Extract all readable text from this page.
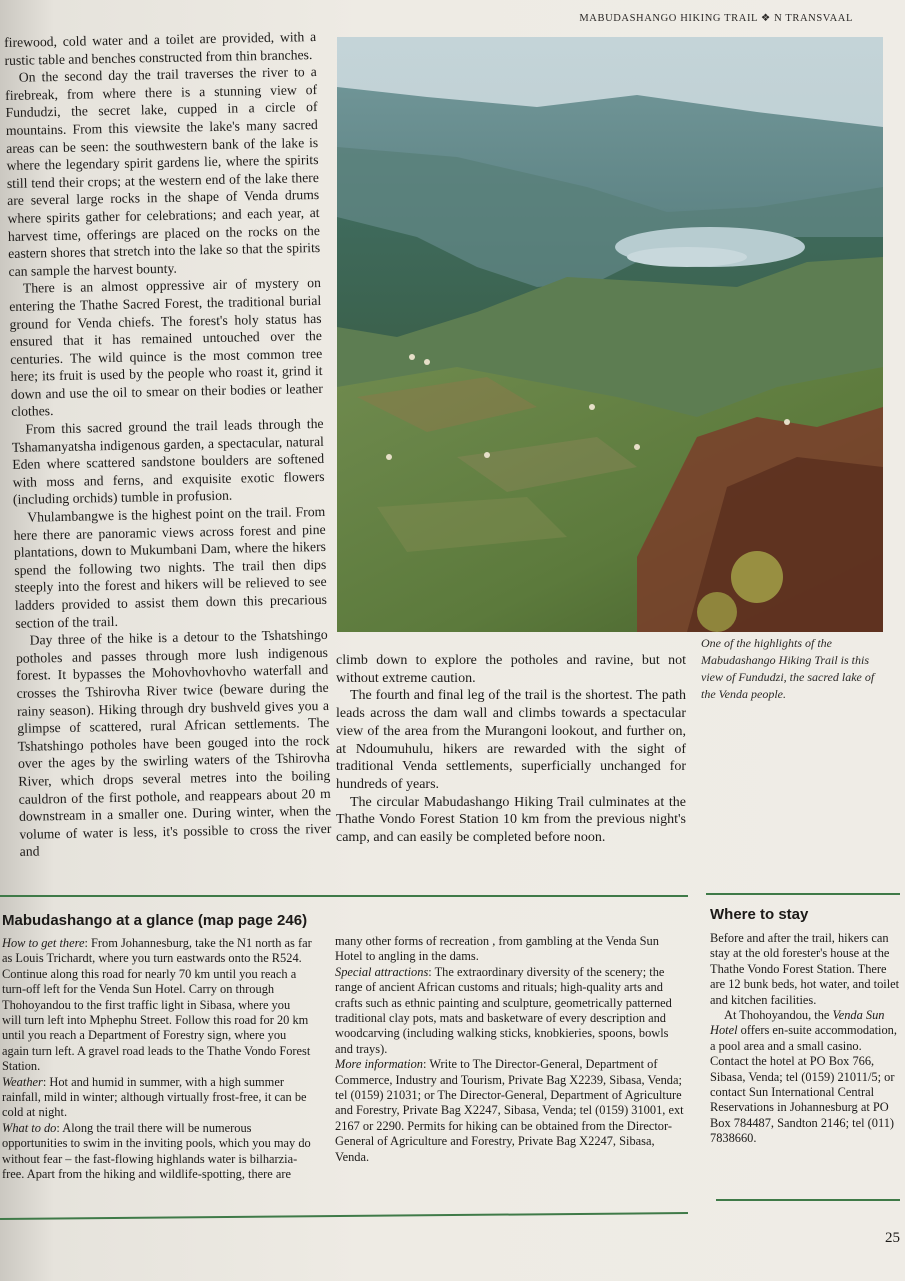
MABUDASHANGO HIKING TRAIL ❖ N TRANSVAAL

firewood, cold water and a toilet are provided, with a rustic table and benches constructed from thin branches.

On the second day the trail traverses the river to a firebreak, from where there is a stunning view of Fundudzi, the secret lake, cupped in a circle of mountains. From this viewsite the lake's many sacred areas can be seen: the southwestern bank of the lake is where the legendary spirit gardens lie, where the spirits still tend their crops; at the western end of the lake there are several large rocks in the shape of Venda drums where spirits gather for celebrations; and each year, at harvest time, offerings are placed on the rocks on the eastern shores that stretch into the lake so that the spirits can sample the harvest bounty.

There is an almost oppressive air of mystery on entering the Thathe Sacred Forest, the traditional burial ground for Venda chiefs. The forest's holy status has ensured that it has remained untouched over the centuries. The wild quince is the most common tree here; its fruit is used by the people who roast it, grind it down and use the oil to smear on their bodies or leather clothes.

From this sacred ground the trail leads through the Tshamanyatsha indigenous garden, a spectacular, natural Eden where scattered sandstone boulders are softened with moss and ferns, and exquisite exotic flowers (including orchids) tumble in profusion.

Vhulambangwe is the highest point on the trail. From here there are panoramic views across forest and pine plantations, down to Mukumbani Dam, where the hikers spend the following two nights. The trail then dips steeply into the forest and hikers will be relieved to see ladders provided to assist them down this precarious section of the trail.

Day three of the hike is a detour to the Tshatshingo potholes and passes through more lush indigenous forest. It bypasses the Mohovhovhovho waterfall and crosses the Tshirovha River twice (beware during the rainy season). Hiking through dry bushveld gives you a glimpse of scattered, rural African settlements. The Tshatshingo potholes have been gouged into the rock over the ages by the swirling waters of the Tshirovha River, which drops several metres into the boiling cauldron of the first pothole, and reappears about 20 m downstream in a smaller one. During winter, when the volume of water is less, it's possible to cross the river and

One of the highlights of the Mabudashango Hiking Trail is this view of Fundudzi, the sacred lake of the Venda people.

climb down to explore the potholes and ravine, but not without extreme caution.

The fourth and final leg of the trail is the shortest. The path leads across the dam wall and climbs towards a spectacular view of the area from the Murangoni lookout, and further on, at Ndoumuhulu, hikers are rewarded with the sight of traditional Venda settlements, superficially unchanged for hundreds of years.

The circular Mabudashango Hiking Trail culminates at the Thathe Vondo Forest Station 10 km from the previous night's camp, and can easily be completed before noon.

Mabudashango at a glance (map page 246)

How to get there: From Johannesburg, take the N1 north as far as Louis Trichardt, where you turn eastwards onto the R524. Continue along this road for nearly 70 km until you reach a turn-off left for the Venda Sun Hotel. Carry on through Thohoyandou to the first traffic light in Sibasa, where you will turn left into Mphephu Street. Follow this road for 20 km until you reach a Department of Forestry sign, where you again turn left. A gravel road leads to the Thathe Vondo Forest Station.

Weather: Hot and humid in summer, with a high summer rainfall, mild in winter; although virtually frost-free, it can be cold at night.

What to do: Along the trail there will be numerous opportunities to swim in the inviting pools, which you may do without fear – the fast-flowing highlands water is bilharzia-free. Apart from the hiking and wildlife-spotting, there are

many other forms of recreation , from gambling at the Venda Sun Hotel to angling in the dams.

Special attractions: The extraordinary diversity of the scenery; the range of ancient African customs and rituals; high-quality arts and crafts such as ethnic painting and sculpture, geometrically patterned traditional clay pots, mats and basketware of every description and woodcarving (including walking sticks, knobkieries, spoons, bowls and trays).

More information: Write to The Director-General, Department of Commerce, Industry and Tourism, Private Bag X2239, Sibasa, Venda; tel (0159) 21031; or The Director-General, Department of Agriculture and Forestry, Private Bag X2247, Sibasa, Venda; tel (0159) 31001, ext 2167 or 2290. Permits for hiking can be obtained from the Director-General of Agriculture and Forestry, Private Bag X2247, Sibasa, Venda.

Where to stay

Before and after the trail, hikers can stay at the old forester's house at the Thathe Vondo Forest Station. There are 12 bunk beds, hot water, and toilet and kitchen facilities.

At Thohoyandou, the Venda Sun Hotel offers en-suite accommodation, a pool area and a small casino. Contact the hotel at PO Box 766, Sibasa, Venda; tel (0159) 21011/5; or contact Sun International Central Reservations in Johannesburg at PO Box 784487, Sandton 2146; tel (011) 7838660.

25
